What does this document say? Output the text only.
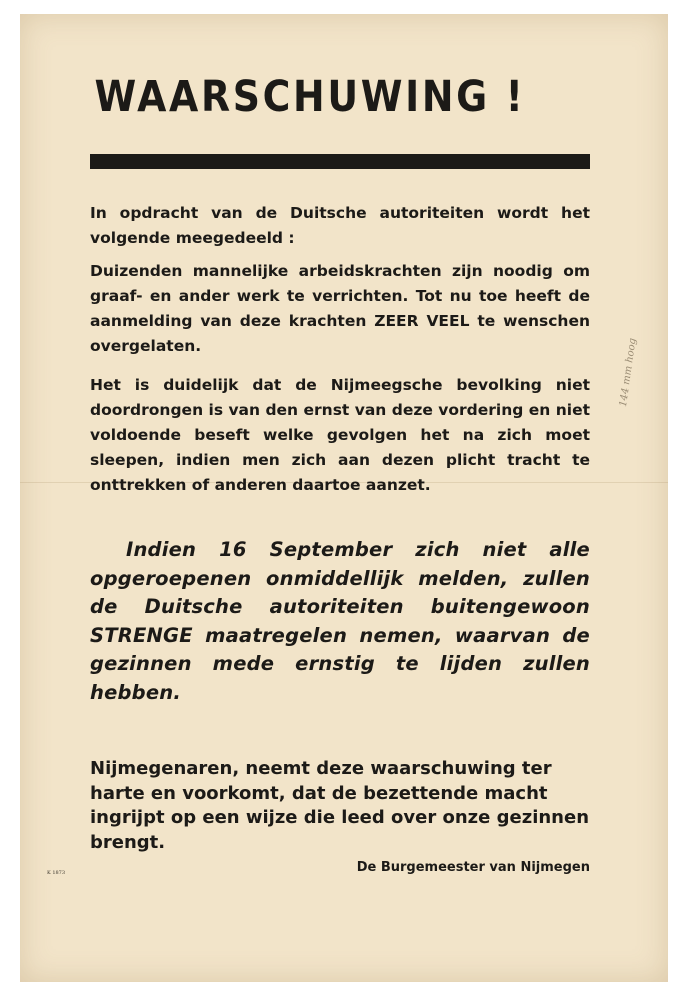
144 mm hoog
K 1873
WAARSCHUWING !

In opdracht van de Duitsche autoriteiten wordt het volgende meegedeeld :

Duizenden mannelijke arbeidskrachten zijn noodig om graaf- en ander werk te verrichten. Tot nu toe heeft de aanmelding van deze krachten ZEER VEEL te wenschen overgelaten.

Het is duidelijk dat de Nijmeegsche bevolking niet doordrongen is van den ernst van deze vordering en niet voldoende beseft welke gevolgen het na zich moet sleepen, indien men zich aan dezen plicht tracht te onttrekken of anderen daartoe aanzet.

Indien 16 September zich niet alle opgeroepenen onmiddellijk melden, zullen de Duitsche autoriteiten buitengewoon STRENGE maatregelen nemen, waarvan de gezinnen mede ernstig te lijden zullen hebben.

Nijmegenaren, neemt deze waarschuwing ter harte en voorkomt, dat de bezettende macht ingrijpt op een wijze die leed over onze gezinnen brengt.

De Burgemeester van Nijmegen
